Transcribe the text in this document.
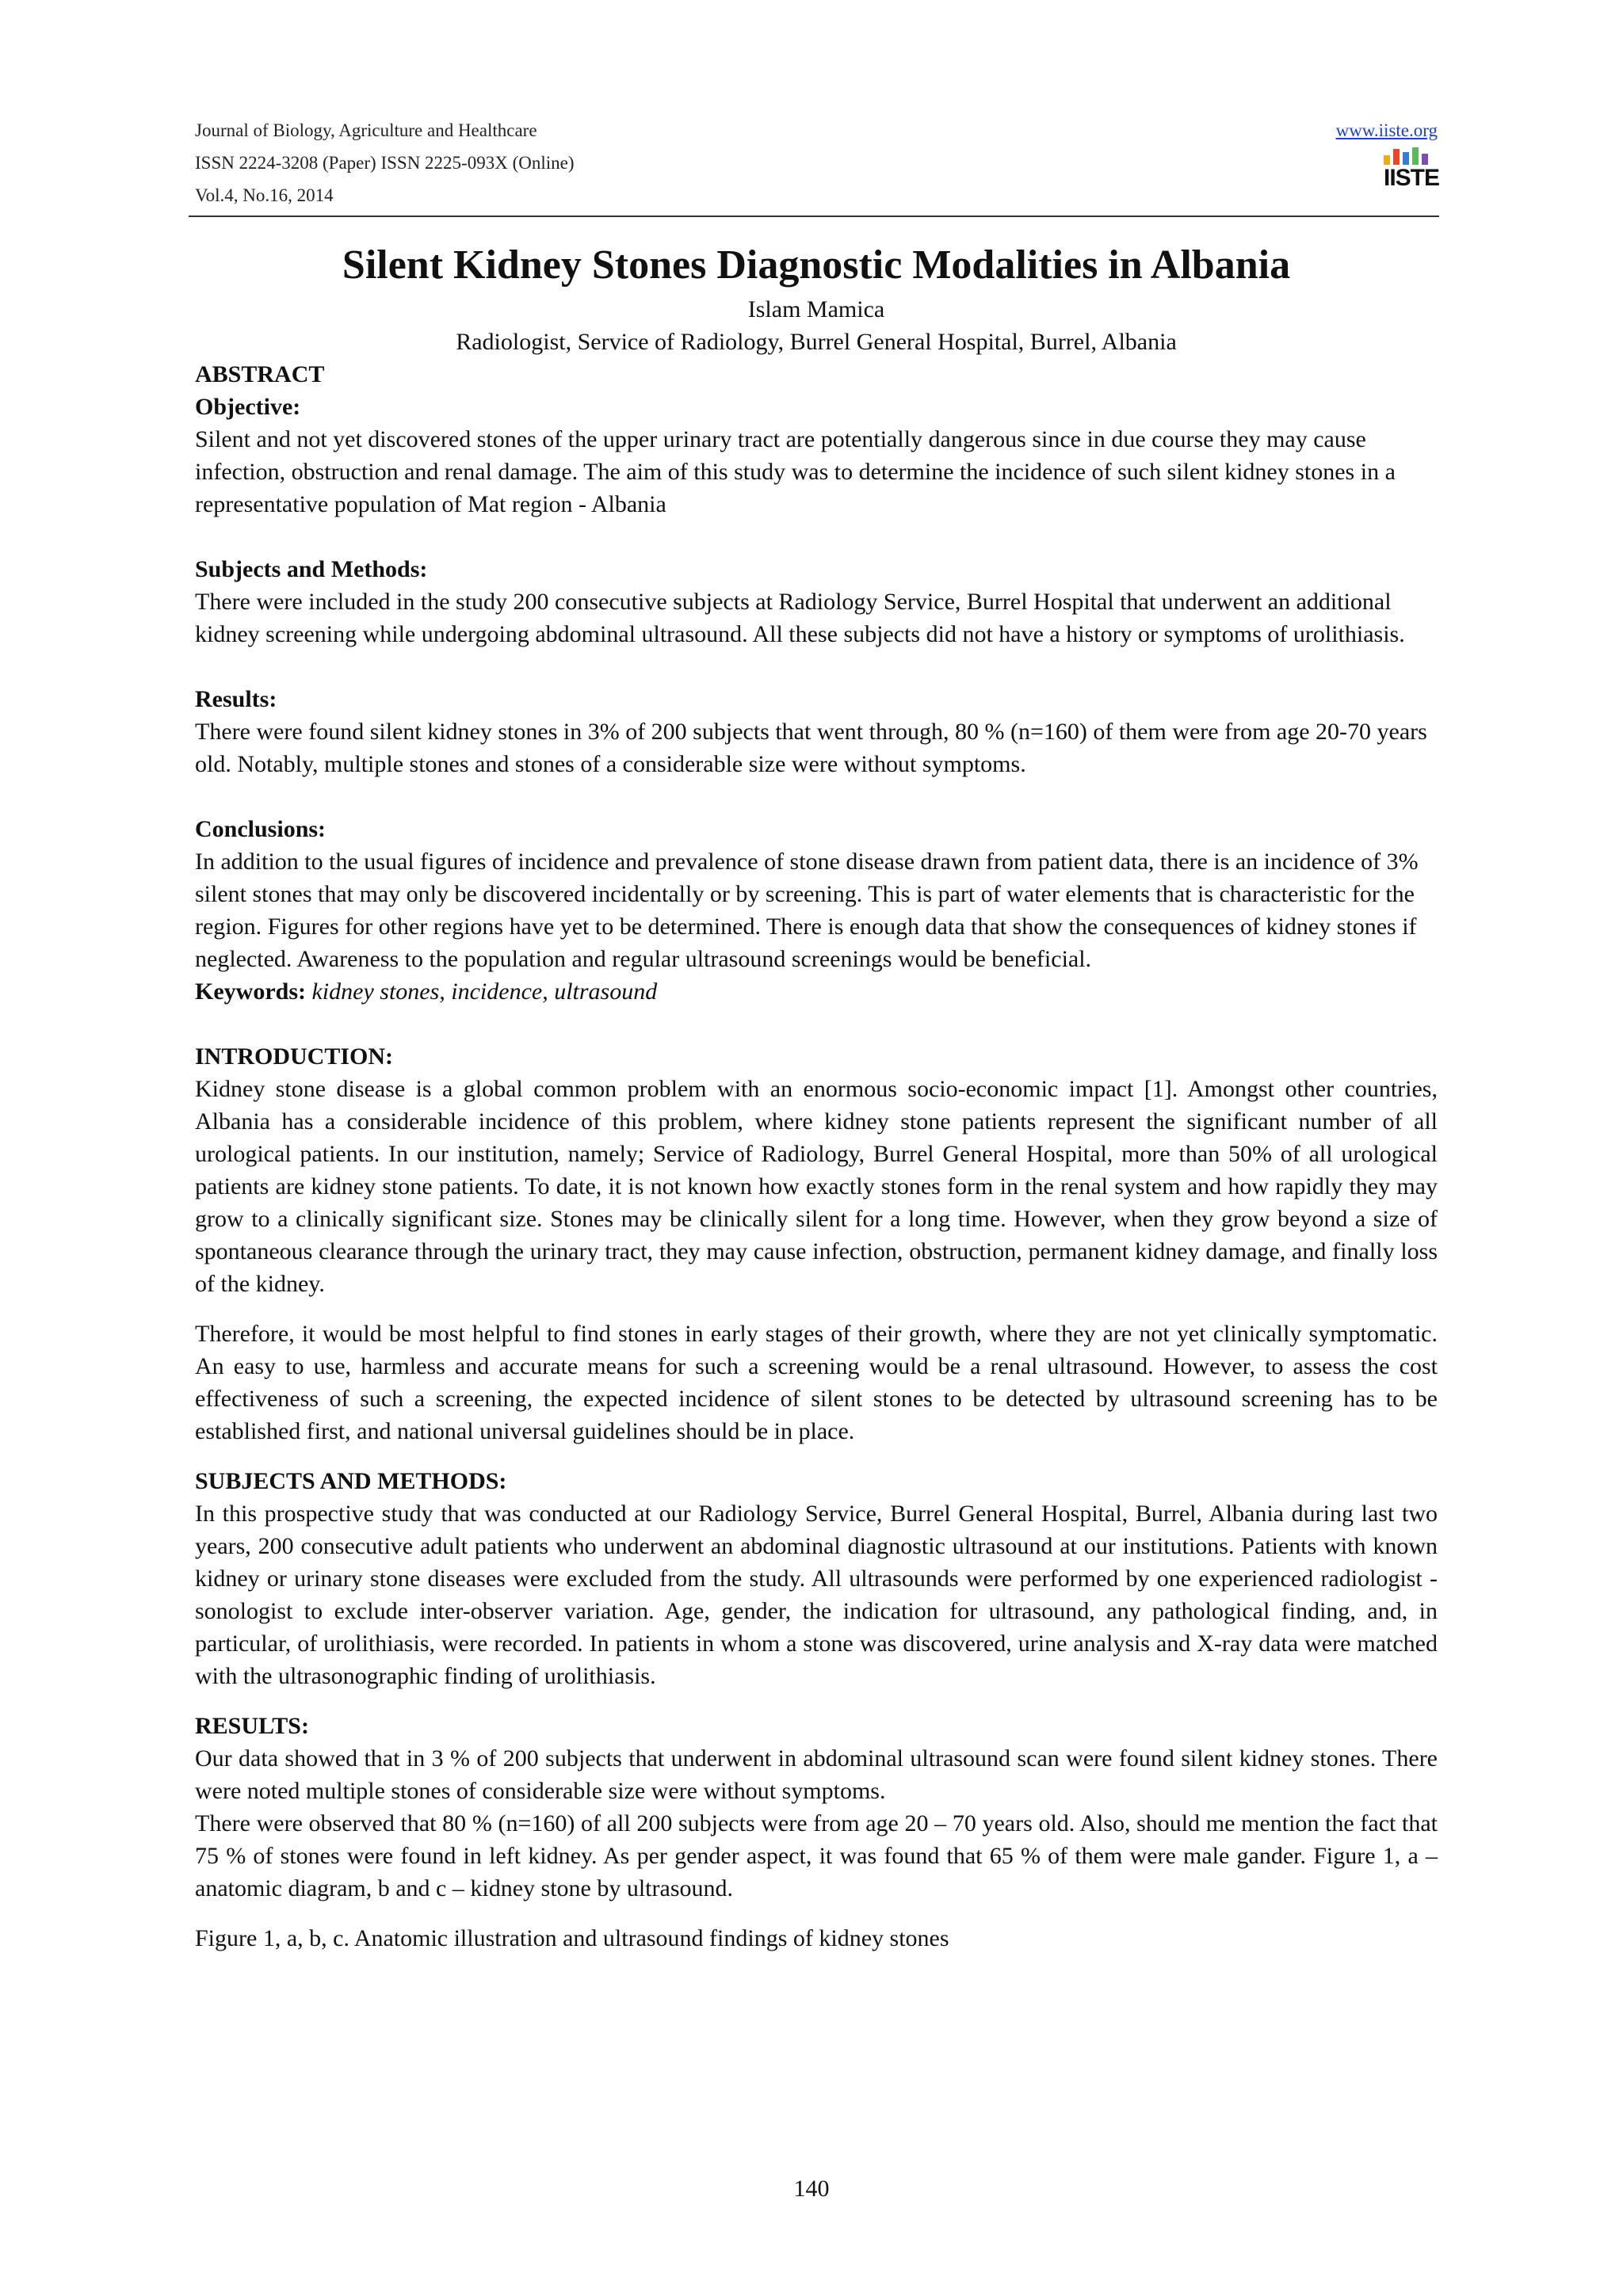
Journal of Biology, Agriculture and Healthcare
ISSN 2224-3208 (Paper) ISSN 2225-093X (Online)
Vol.4, No.16, 2014
www.iiste.org
IISTE
Silent Kidney Stones Diagnostic Modalities in Albania
Islam Mamica
Radiologist, Service of Radiology, Burrel General Hospital, Burrel, Albania
ABSTRACT
Objective:

Silent and not yet discovered stones of the upper urinary tract are potentially dangerous since in due course they may cause infection, obstruction and renal damage. The aim of this study was to determine the incidence of such silent kidney stones in a representative population of Mat region - Albania

Subjects and Methods:

There were included in the study 200 consecutive subjects at Radiology Service, Burrel Hospital that underwent an additional kidney screening while undergoing abdominal ultrasound. All these subjects did not have a history or symptoms of urolithiasis.

Results:

There were found silent kidney stones in 3% of 200 subjects that went through, 80 % (n=160) of them were from age 20-70 years old. Notably, multiple stones and stones of a considerable size were without symptoms.

Conclusions:

In addition to the usual figures of incidence and prevalence of stone disease drawn from patient data, there is an incidence of 3% silent stones that may only be discovered incidentally or by screening. This is part of water elements that is characteristic for the region. Figures for other regions have yet to be determined. There is enough data that show the consequences of kidney stones if neglected. Awareness to the population and regular ultrasound screenings would be beneficial.

Keywords: kidney stones, incidence, ultrasound
INTRODUCTION:

Kidney stone disease is a global common problem with an enormous socio-economic impact [1]. Amongst other countries, Albania has a considerable incidence of this problem, where kidney stone patients represent the significant number of all urological patients. In our institution, namely; Service of Radiology, Burrel General Hospital, more than 50% of all urological patients are kidney stone patients. To date, it is not known how exactly stones form in the renal system and how rapidly they may grow to a clinically significant size. Stones may be clinically silent for a long time. However, when they grow beyond a size of spontaneous clearance through the urinary tract, they may cause infection, obstruction, permanent kidney damage, and finally loss of the kidney.

Therefore, it would be most helpful to find stones in early stages of their growth, where they are not yet clinically symptomatic. An easy to use, harmless and accurate means for such a screening would be a renal ultrasound. However, to assess the cost effectiveness of such a screening, the expected incidence of silent stones to be detected by ultrasound screening has to be established first, and national universal guidelines should be in place.

SUBJECTS AND METHODS:

In this prospective study that was conducted at our Radiology Service, Burrel General Hospital, Burrel, Albania during last two years, 200 consecutive adult patients who underwent an abdominal diagnostic ultrasound at our institutions. Patients with known kidney or urinary stone diseases were excluded from the study. All ultrasounds were performed by one experienced radiologist - sonologist to exclude inter-observer variation. Age, gender, the indication for ultrasound, any pathological finding, and, in particular, of urolithiasis, were recorded. In patients in whom a stone was discovered, urine analysis and X-ray data were matched with the ultrasonographic finding of urolithiasis.

RESULTS:

Our data showed that in 3 % of 200 subjects that underwent in abdominal ultrasound scan were found silent kidney stones. There were noted multiple stones of considerable size were without symptoms.

There were observed that 80 % (n=160) of all 200 subjects were from age 20 – 70 years old. Also, should me mention the fact that 75 % of stones were found in left kidney. As per gender aspect, it was found that 65 % of them were male gander. Figure 1, a – anatomic diagram, b and c – kidney stone by ultrasound.

Figure 1, a, b, c. Anatomic illustration and ultrasound findings of kidney stones

140
